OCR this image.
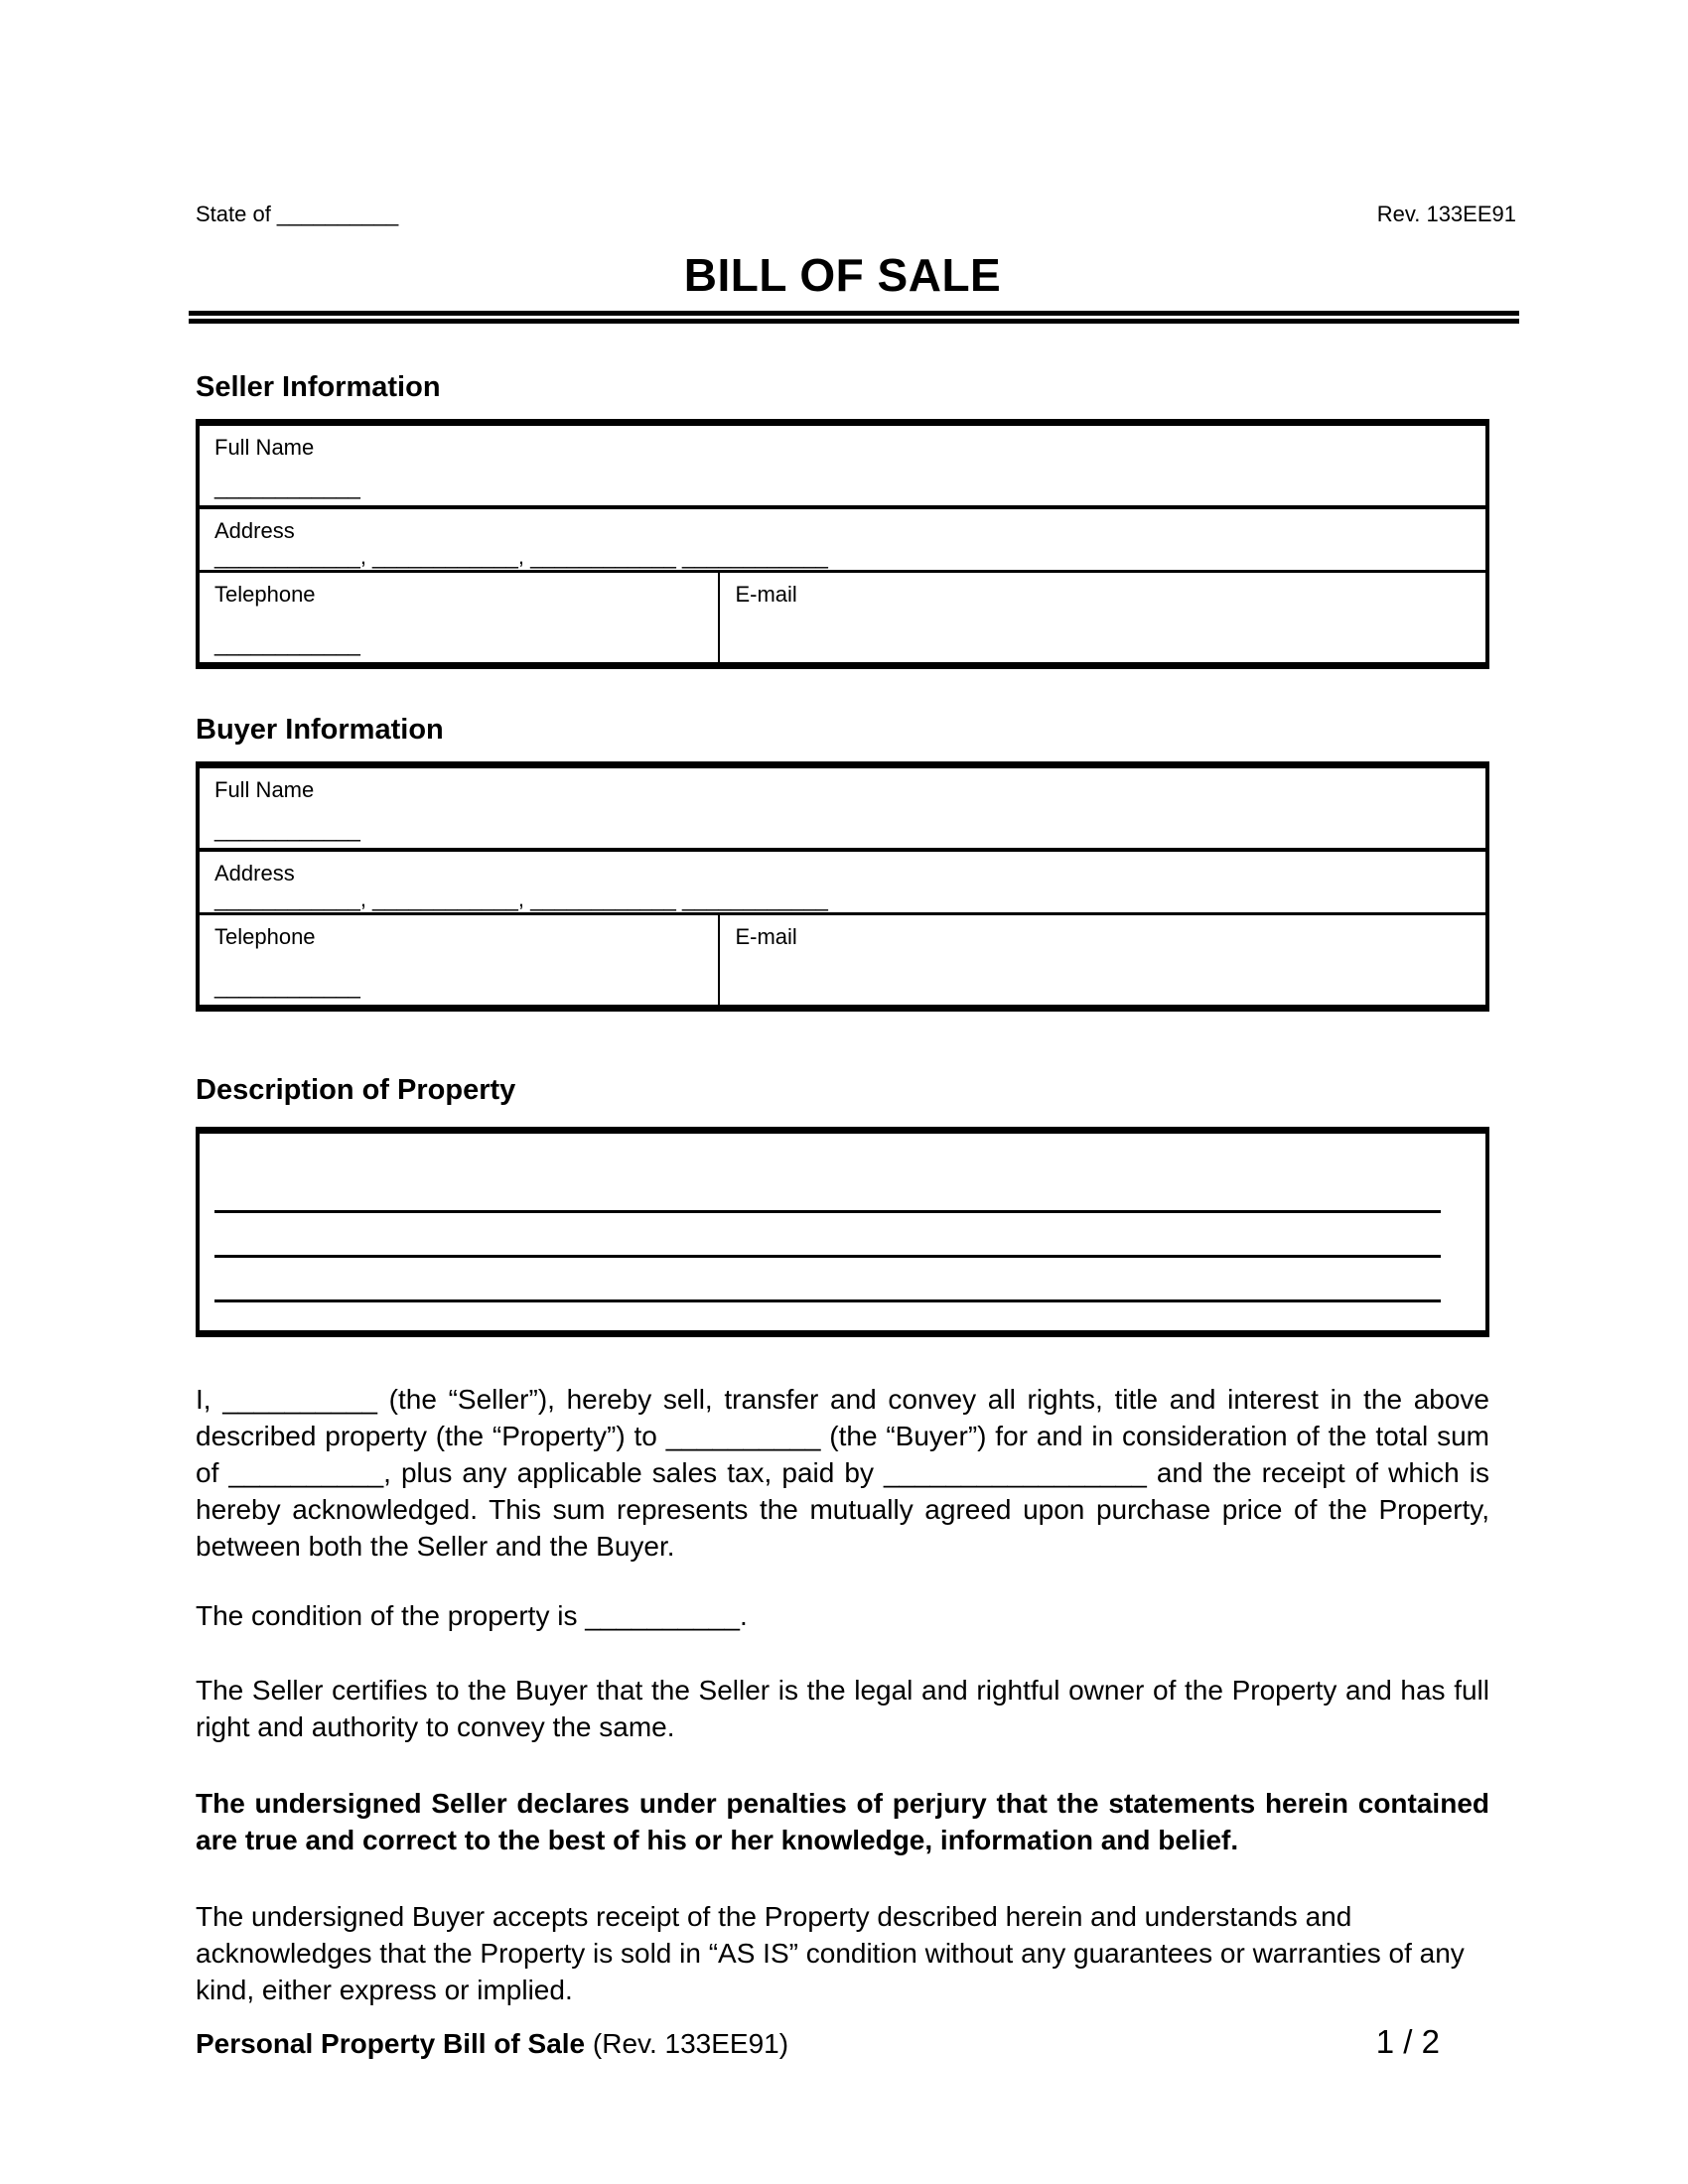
State of __________	Rev. 133EE91
BILL OF SALE
Seller Information
Full Name
____________
Address
____________, ____________, ____________ ____________
Telephone
____________
E-mail
Buyer Information
Full Name
____________
Address
____________, ____________, ____________ ____________
Telephone
____________
E-mail
Description of Property

I, __________ (the “Seller”), hereby sell, transfer and convey all rights, title and interest in the above described property (the “Property”) to __________ (the “Buyer”) for and in consideration of the total sum of __________, plus any applicable sales tax, paid by _________________ and the receipt of which is hereby acknowledged. This sum represents the mutually agreed upon purchase price of the Property, between both the Seller and the Buyer.

The condition of the property is __________.

The Seller certifies to the Buyer that the Seller is the legal and rightful owner of the Property and has full right and authority to convey the same.

The undersigned Seller declares under penalties of perjury that the statements herein contained are true and correct to the best of his or her knowledge, information and belief.

The undersigned Buyer accepts receipt of the Property described herein and understands and acknowledges that the Property is sold in “AS IS” condition without any guarantees or warranties of any kind, either express or implied.

Personal Property Bill of Sale (Rev. 133EE91)	1 / 2
